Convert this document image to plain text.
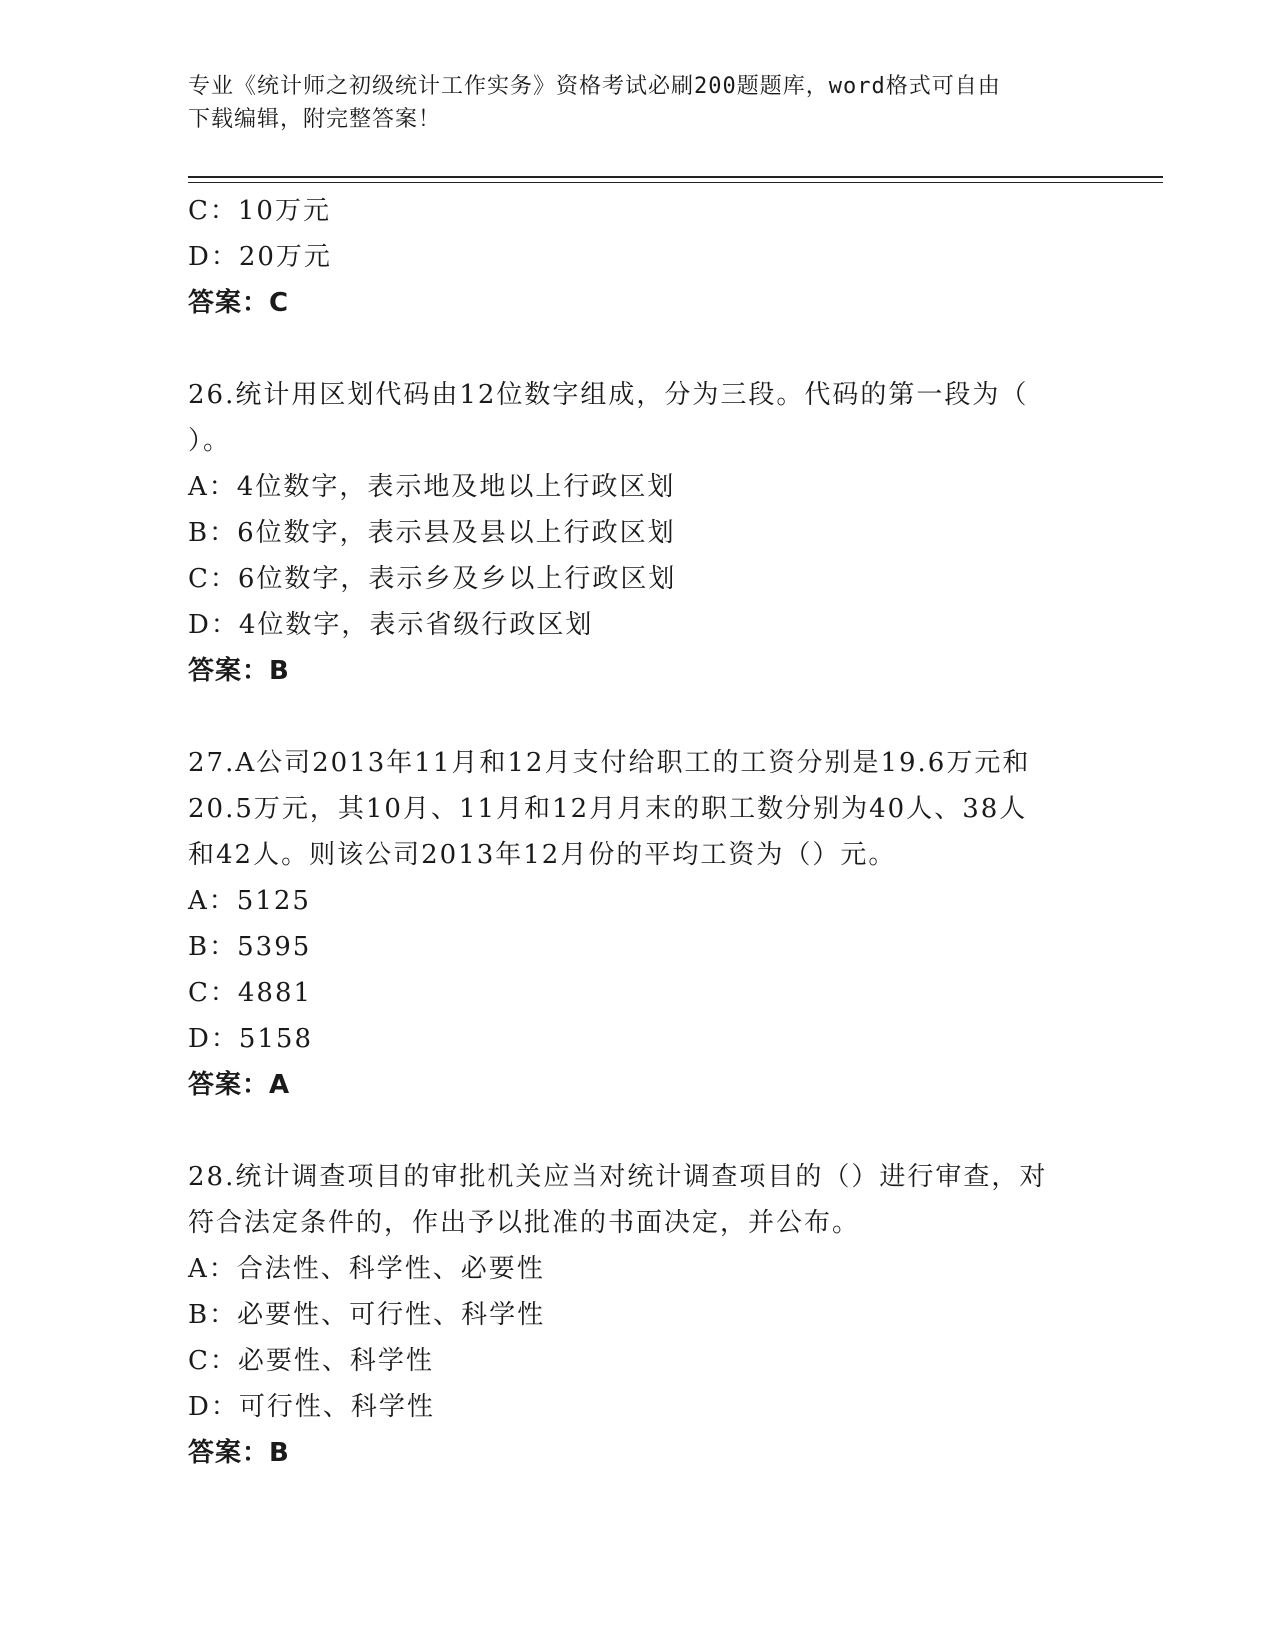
专业《统计师之初级统计工作实务》资格考试必刷200题题库，word格式可自由
下载编辑，附完整答案！
C：10万元
D：20万元
答案：C
26.统计用区划代码由12位数字组成，分为三段。代码的第一段为（
）。
A：4位数字，表示地及地以上行政区划
B：6位数字，表示县及县以上行政区划
C：6位数字，表示乡及乡以上行政区划
D：4位数字，表示省级行政区划
答案：B
27.A公司2013年11月和12月支付给职工的工资分别是19.6万元和
20.5万元，其10月、11月和12月月末的职工数分别为40人、38人
和42人。则该公司2013年12月份的平均工资为（）元。
A：5125
B：5395
C：4881
D：5158
答案：A
28.统计调查项目的审批机关应当对统计调查项目的（）进行审查，对
符合法定条件的，作出予以批准的书面决定，并公布。
A：合法性、科学性、必要性
B：必要性、可行性、科学性
C：必要性、科学性
D：可行性、科学性
答案：B
